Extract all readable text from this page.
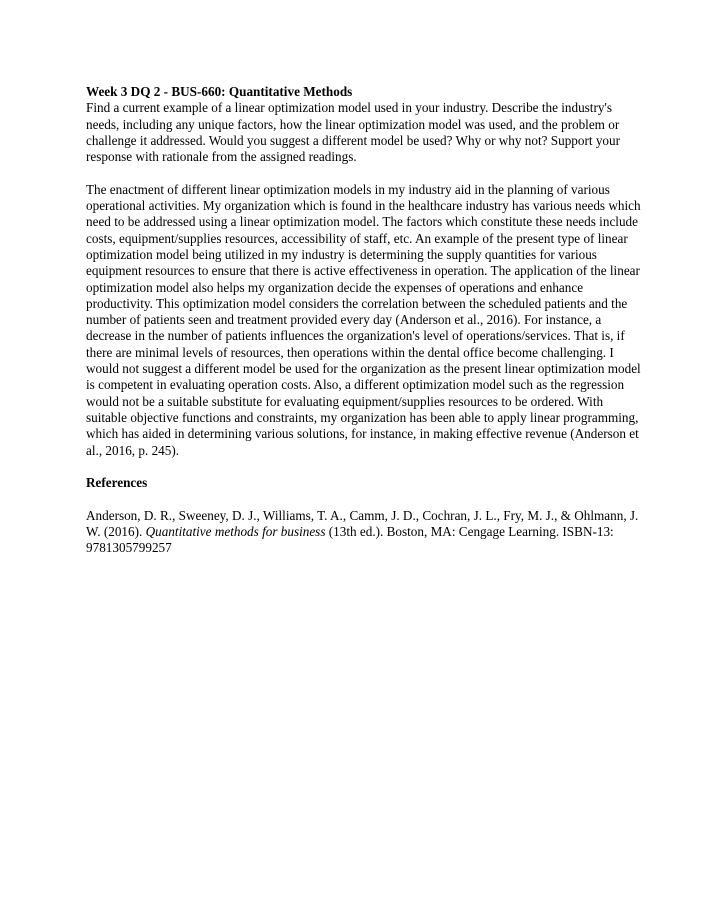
Week 3 DQ 2 - BUS-660: Quantitative Methods
Find a current example of a linear optimization model used in your industry. Describe the industry's needs, including any unique factors, how the linear optimization model was used, and the problem or challenge it addressed. Would you suggest a different model be used? Why or why not? Support your response with rationale from the assigned readings.

The enactment of different linear optimization models in my industry aid in the planning of various operational activities. My organization which is found in the healthcare industry has various needs which need to be addressed using a linear optimization model. The factors which constitute these needs include costs, equipment/supplies resources, accessibility of staff, etc. An example of the present type of linear optimization model being utilized in my industry is determining the supply quantities for various equipment resources to ensure that there is active effectiveness in operation. The application of the linear optimization model also helps my organization decide the expenses of operations and enhance productivity. This optimization model considers the correlation between the scheduled patients and the number of patients seen and treatment provided every day (Anderson et al., 2016). For instance, a decrease in the number of patients influences the organization's level of operations/services. That is, if there are minimal levels of resources, then operations within the dental office become challenging. I would not suggest a different model be used for the organization as the present linear optimization model is competent in evaluating operation costs. Also, a different optimization model such as the regression would not be a suitable substitute for evaluating equipment/supplies resources to be ordered. With suitable objective functions and constraints, my organization has been able to apply linear programming, which has aided in determining various solutions, for instance, in making effective revenue (Anderson et al., 2016, p. 245).

References

Anderson, D. R., Sweeney, D. J., Williams, T. A., Camm, J. D., Cochran, J. L., Fry, M. J., & Ohlmann, J. W. (2016). Quantitative methods for business (13th ed.). Boston, MA: Cengage Learning. ISBN-13: 9781305799257
